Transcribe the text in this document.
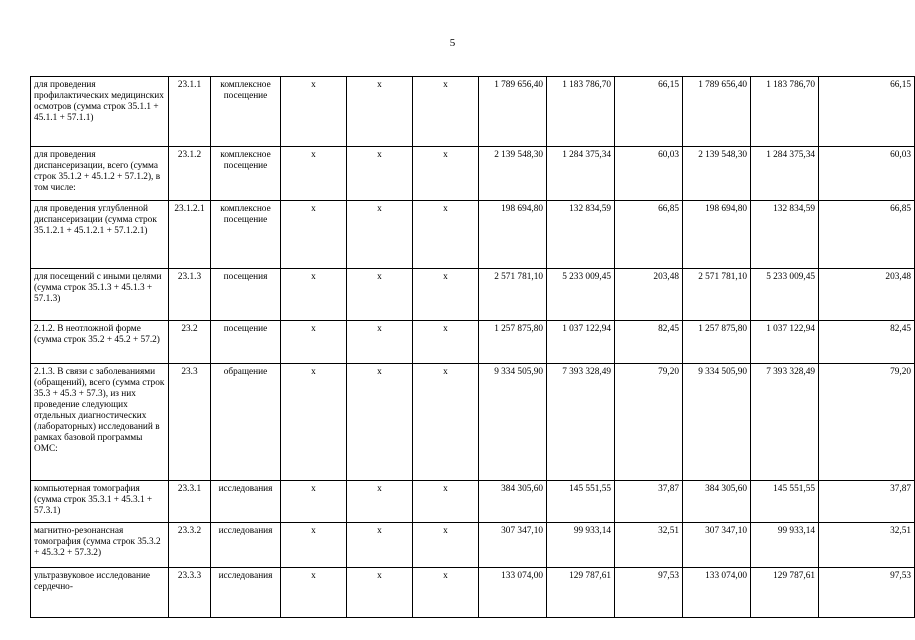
5
для проведения профилактических медицинских осмотров (сумма строк 35.1.1 + 45.1.1 + 57.1.1)	23.1.1	комплексное посещение	х	х	х	1 789 656,40	1 183 786,70	66,15	1 789 656,40	1 183 786,70	66,15
для проведения диспансеризации, всего (сумма строк 35.1.2 + 45.1.2 + 57.1.2), в том числе:	23.1.2	комплексное посещение	х	х	х	2 139 548,30	1 284 375,34	60,03	2 139 548,30	1 284 375,34	60,03
для проведения углубленной диспансеризации (сумма строк 35.1.2.1 + 45.1.2.1 + 57.1.2.1)	23.1.2.1	комплексное посещение	х	х	х	198 694,80	132 834,59	66,85	198 694,80	132 834,59	66,85
для посещений с иными целями (сумма строк 35.1.3 + 45.1.3 + 57.1.3)	23.1.3	посещения	х	х	х	2 571 781,10	5 233 009,45	203,48	2 571 781,10	5 233 009,45	203,48
2.1.2. В неотложной форме (сумма строк 35.2 + 45.2 + 57.2)	23.2	посещение	х	х	х	1 257 875,80	1 037 122,94	82,45	1 257 875,80	1 037 122,94	82,45
2.1.3. В связи с заболеваниями (обращений), всего (сумма строк 35.3 + 45.3 + 57.3), из них проведение следующих отдельных диагностических (лабораторных) исследований в рамках базовой программы ОМС:	23.3	обращение	х	х	х	9 334 505,90	7 393 328,49	79,20	9 334 505,90	7 393 328,49	79,20
компьютерная томография (сумма строк 35.3.1 + 45.3.1 + 57.3.1)	23.3.1	исследования	х	х	х	384 305,60	145 551,55	37,87	384 305,60	145 551,55	37,87
магнитно-резонансная томография (сумма строк 35.3.2 + 45.3.2 + 57.3.2)	23.3.2	исследования	х	х	х	307 347,10	99 933,14	32,51	307 347,10	99 933,14	32,51
ультразвуковое исследование сердечно-	23.3.3	исследования	х	х	х	133 074,00	129 787,61	97,53	133 074,00	129 787,61	97,53
